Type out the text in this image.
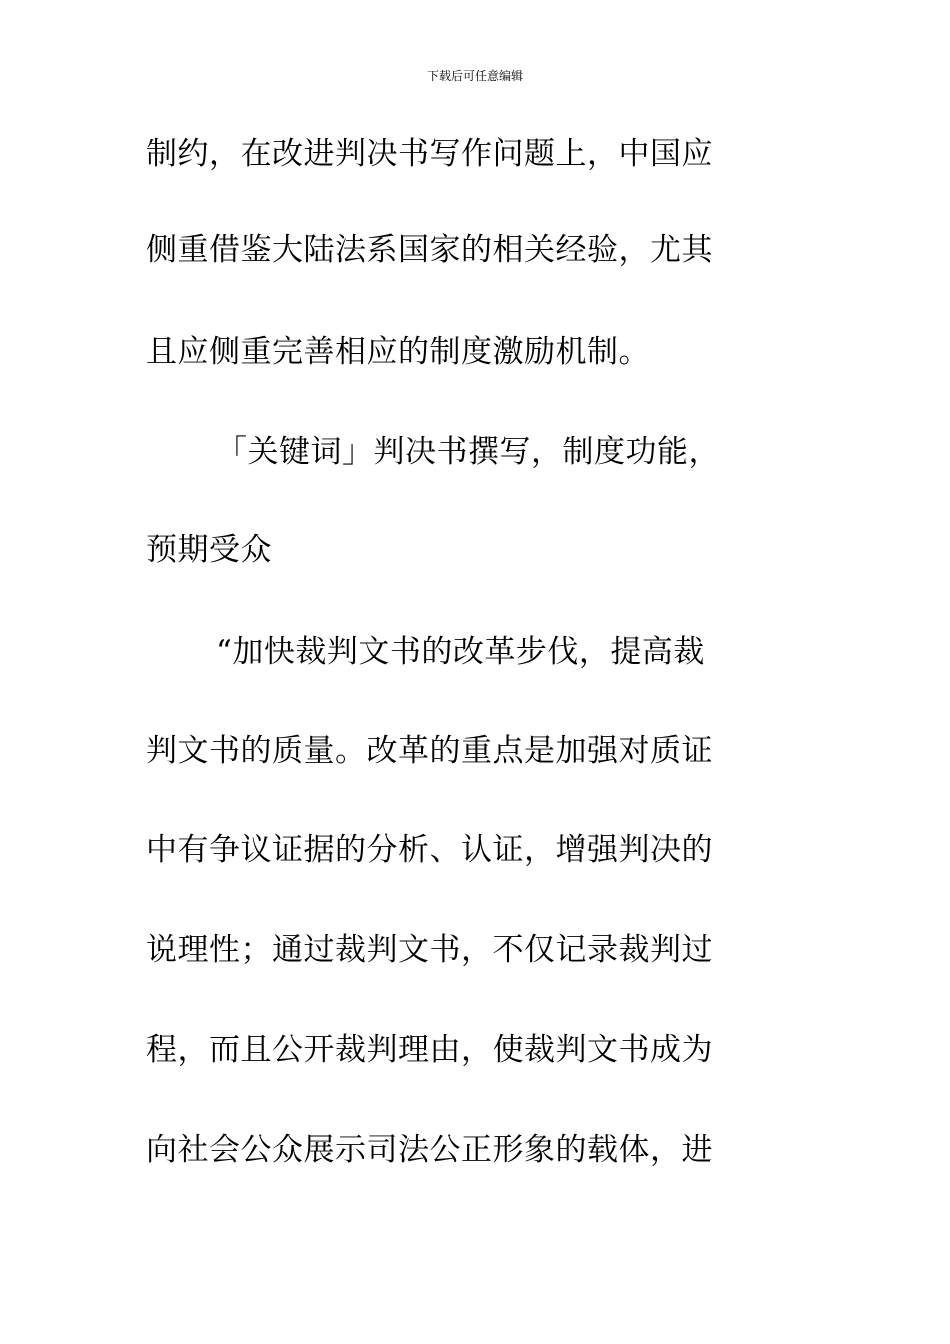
下载后可任意编辑
制约，在改进判决书写作问题上，中国应
侧重借鉴大陆法系国家的相关经验，尤其
且应侧重完善相应的制度激励机制。
「关键词」判决书撰写，制度功能，
预期受众
“加快裁判文书的改革步伐，提高裁
判文书的质量。改革的重点是加强对质证
中有争议证据的分析、认证，增强判决的
说理性；通过裁判文书，不仅记录裁判过
程，而且公开裁判理由，使裁判文书成为
向社会公众展示司法公正形象的载体，进
